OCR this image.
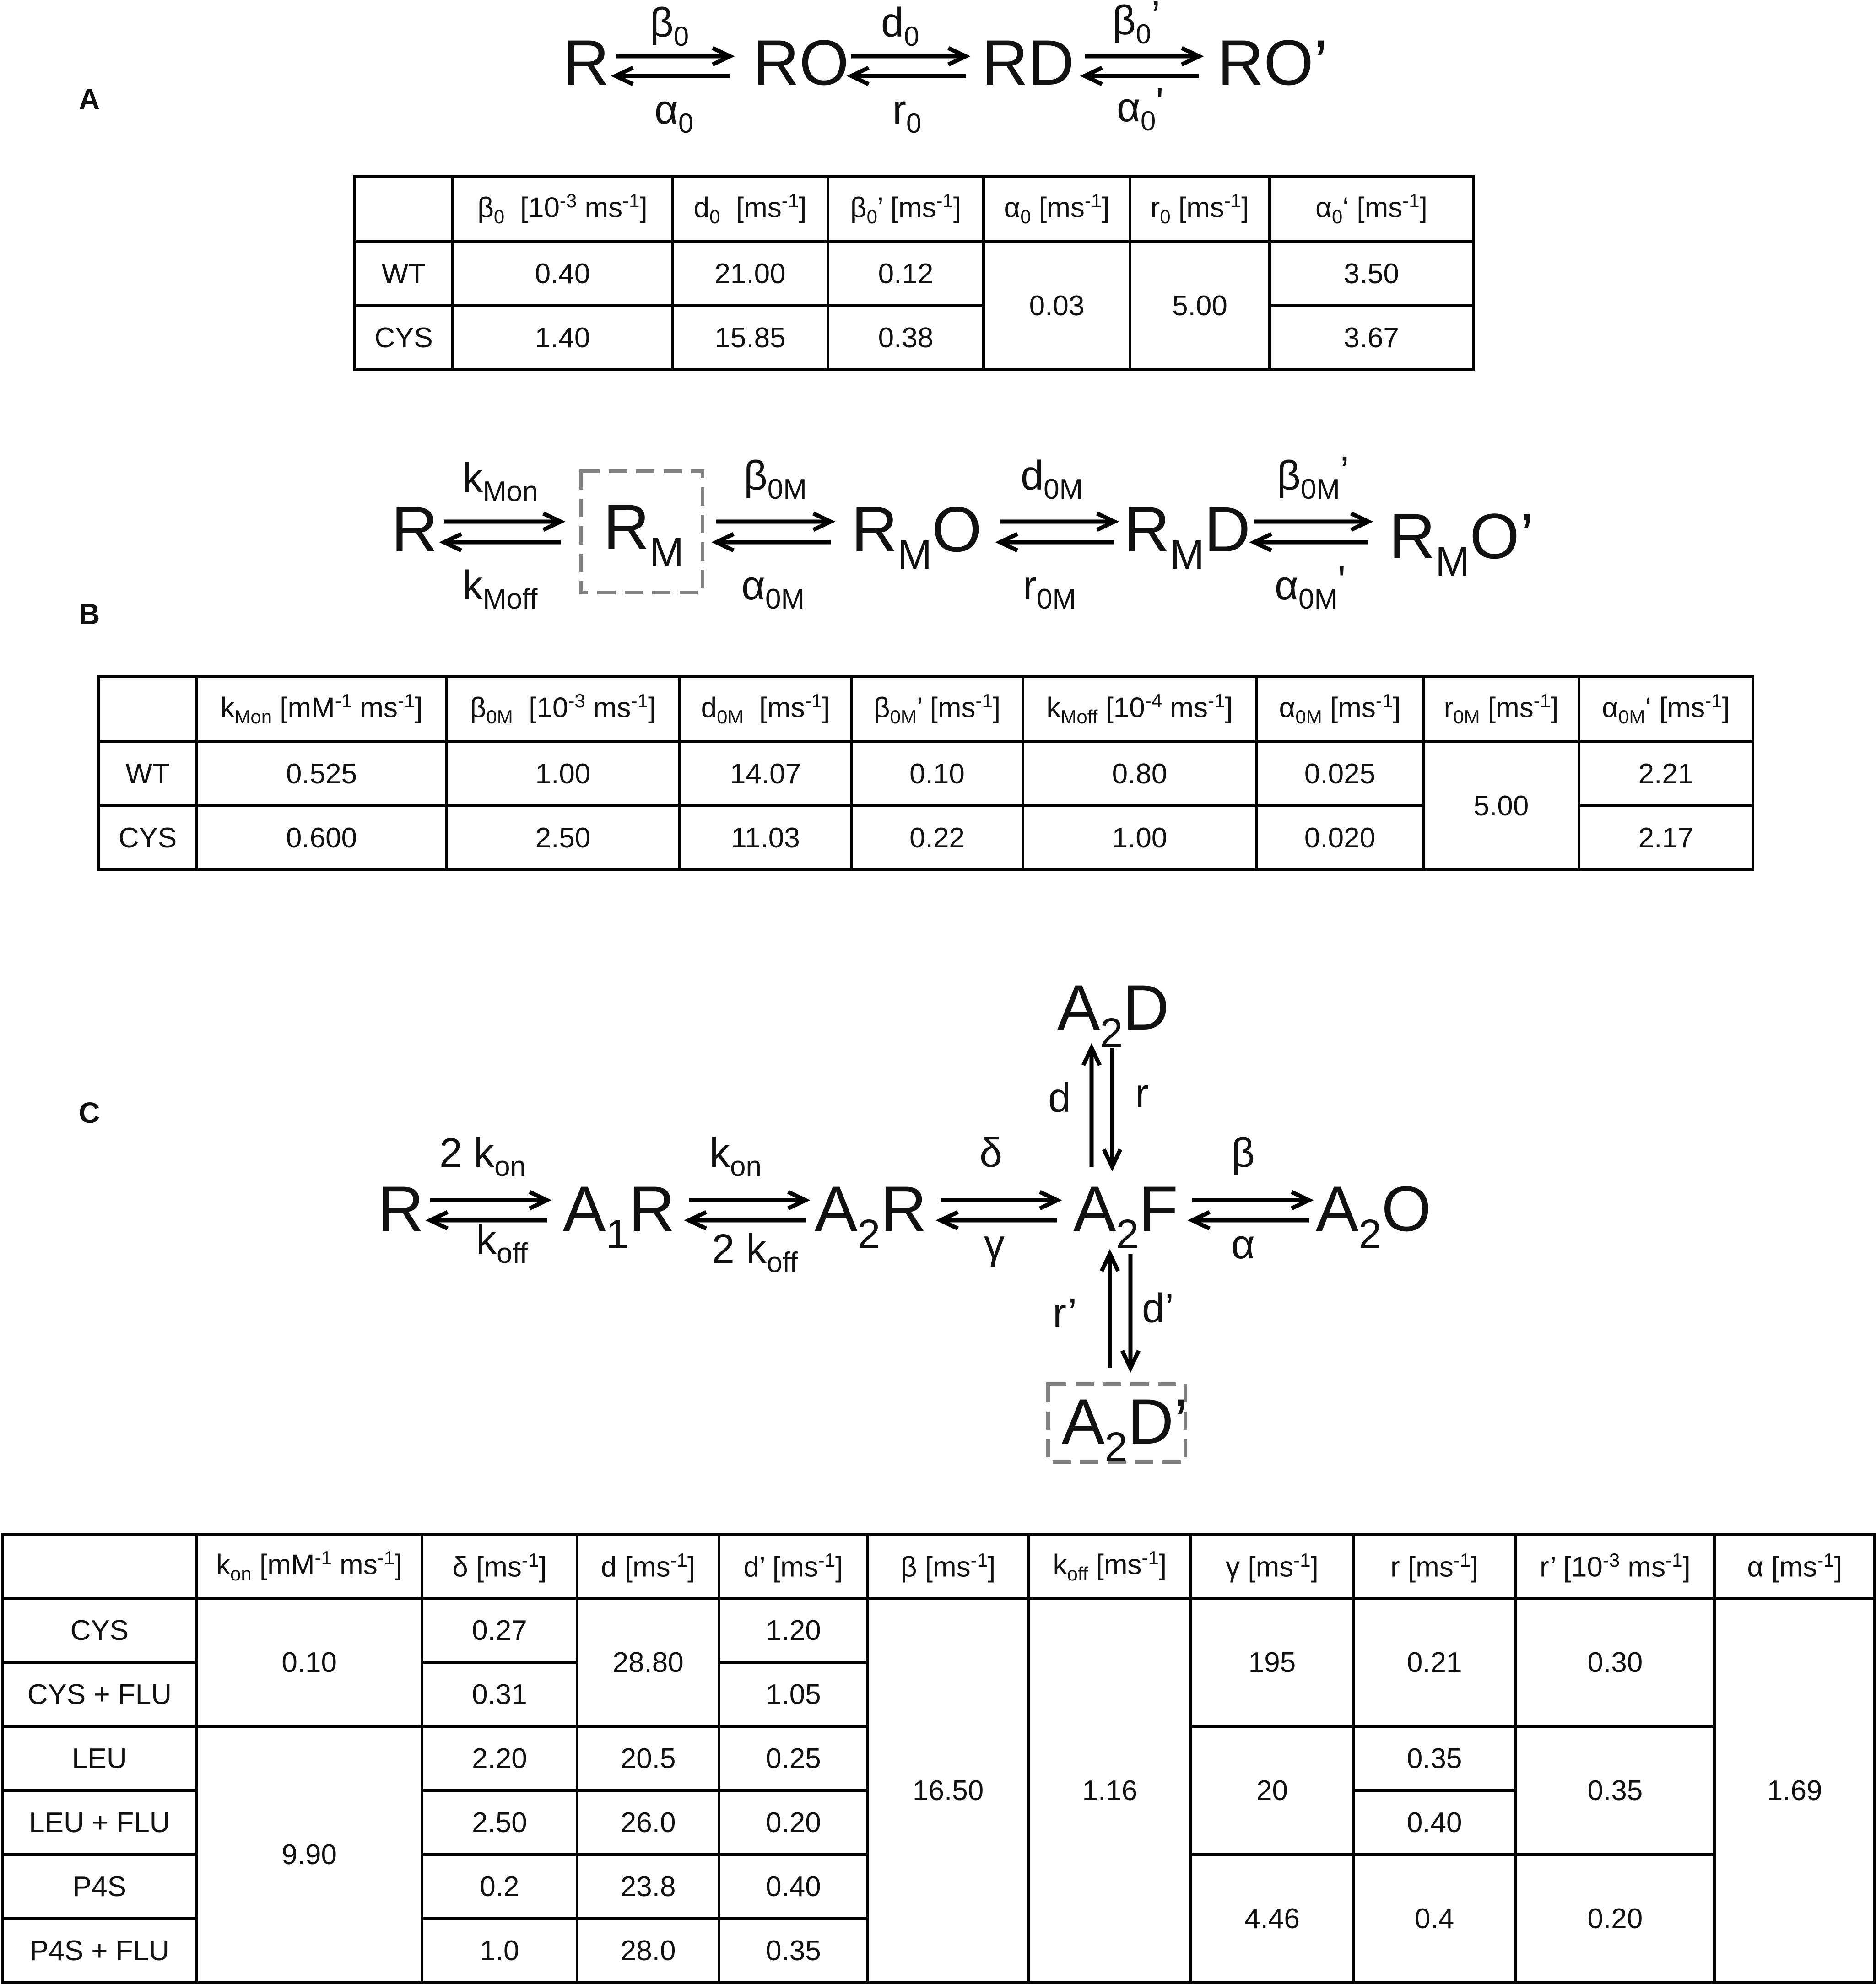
A
B
C
R RO RD RO’
$\beta_0$
$\alpha_0$
$d_0$
$r_0$
$\beta_0$’
$\alpha_0'$
	$\beta_0$  [$10^{-3}$ $ms^{-1}$]	$d_0$  $[ms^{-1}]$	$\beta_0$’ $[ms^{-1}]$	$\alpha_0$ $[ms^{-1}]$	$r_0$ $[ms^{-1}]$	$\alpha_0‘$ $[ms^{-1}]$
WT	0.40	21.00	0.12	0.03	5.00	3.50
CYS	1.40	15.85	0.38			3.67
R	$R_M$	$R_MO$ $R_MD$ $R_MO$’
$k_{Mon}$
$k_{Moff}$
$\beta_{0M}$
$\alpha_{0M}$
$d_{0M}$
$r_{0M}$
$\beta_{0M}$’
$\alpha_{0M}'$
	$k_{Mon}$ [$mM^{-1}$ $ms^{-1}$]	$\beta_{0M}$  [$10^{-3}$ $ms^{-1}$]	$d_{0M}$  $[ms^{-1}]$	$\beta_{0M}$’ $[ms^{-1}]$	$k_{Moff}$ [$10^{-4}$ $ms^{-1}$]	$\alpha_{0M}$ $[ms^{-1}]$	$r_{0M}$ $[ms^{-1}]$	$\alpha_{0M}‘$ $[ms^{-1}]$
WT	0.525	1.00	14.07	0.10	0.80	0.025	5.00	2.21
CYS	0.600	2.50	11.03	0.22	1.00	0.020		2.17
R $A_1R$ $A_2R$ $A_2F$ $A_2O$
$A_2D$
$A_2D$’
2 $k_{on}$
$k_{off}$
$k_{on}$
2 $k_{off}$
δ
γ
β
α
d r
r’ d’
	$k_{on}$ [$mM^{-1}$ $ms^{-1}$]	δ $[ms^{-1}]$	d $[ms^{-1}]$	d’ $[ms^{-1}]$	β $[ms^{-1}]$	$k_{off}$ $[ms^{-1}]$	γ $[ms^{-1}]$	r $[ms^{-1}]$	r’ [$10^{-3}$ $ms^{-1}$]	α $[ms^{-1}]$
CYS	0.10	0.27	28.80	1.20	16.50	1.16	195	0.21	0.30	1.69
CYS + FLU		0.31		1.05						
LEU	9.90	2.20	20.5	0.25			20	0.35	0.35	
LEU + FLU		2.50	26.0	0.20				0.40		
P4S		0.2	23.8	0.40			4.46	0.4	0.20	
P4S + FLU		1.0	28.0	0.35						
